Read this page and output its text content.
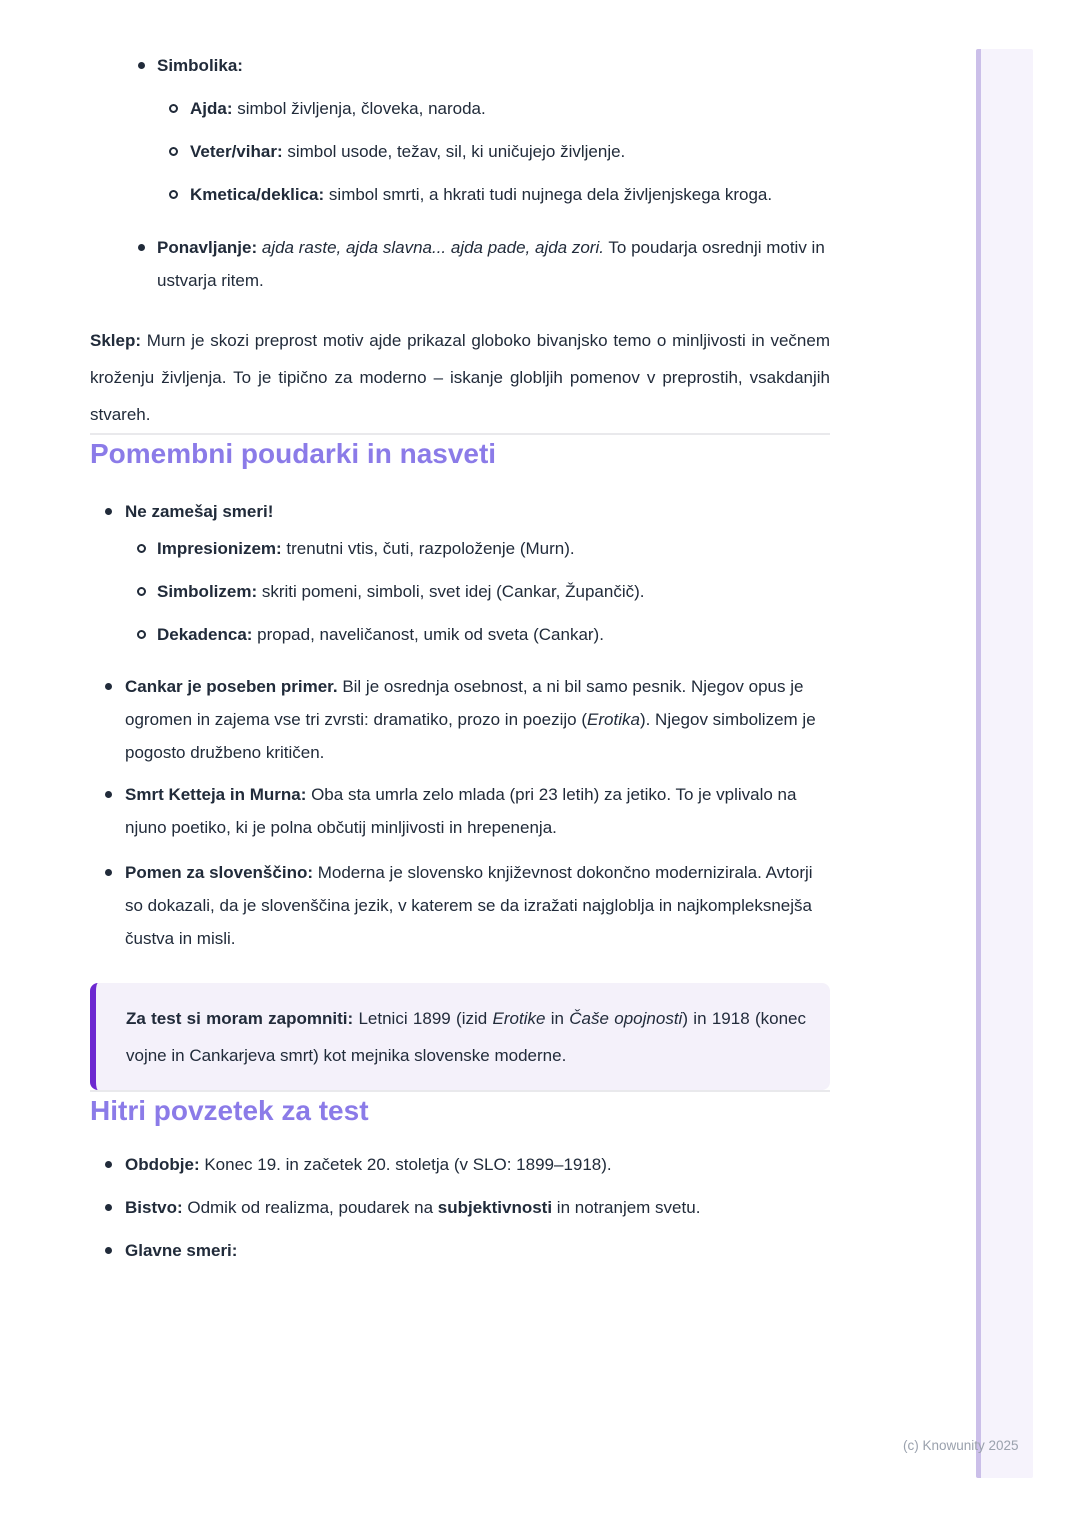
Simbolika:
Ajda: simbol življenja, človeka, naroda.
Veter/vihar: simbol usode, težav, sil, ki uničujejo življenje.
Kmetica/deklica: simbol smrti, a hkrati tudi nujnega dela življenjskega kroga.
Ponavljanje: ajda raste, ajda slavna... ajda pade, ajda zori. To poudarja osrednji motiv in ustvarja ritem.

Sklep: Murn je skozi preprost motiv ajde prikazal globoko bivanjsko temo o minljivosti in večnem kroženju življenja. To je tipično za moderno – iskanje globljih pomenov v preprostih, vsakdanjih stvareh.

Pomembni poudarki in nasveti
Ne zamešaj smeri!
Impresionizem: trenutni vtis, čuti, razpoloženje (Murn).
Simbolizem: skriti pomeni, simboli, svet idej (Cankar, Župančič).
Dekadenca: propad, naveličanost, umik od sveta (Cankar).
Cankar je poseben primer. Bil je osrednja osebnost, a ni bil samo pesnik. Njegov opus je ogromen in zajema vse tri zvrsti: dramatiko, prozo in poezijo (Erotika). Njegov simbolizem je pogosto družbeno kritičen.
Smrt Ketteja in Murna: Oba sta umrla zelo mlada (pri 23 letih) za jetiko. To je vplivalo na njuno poetiko, ki je polna občutij minljivosti in hrepenenja.
Pomen za slovenščino: Moderna je slovensko književnost dokončno modernizirala. Avtorji so dokazali, da je slovenščina jezik, v katerem se da izražati najgloblja in najkompleksnejša čustva in misli.
Za test si moram zapomniti: Letnici 1899 (izid Erotike in Čaše opojnosti) in 1918 (konec vojne in Cankarjeva smrt) kot mejnika slovenske moderne.
Hitri povzetek za test
Obdobje: Konec 19. in začetek 20. stoletja (v SLO: 1899–1918).
Bistvo: Odmik od realizma, poudarek na subjektivnosti in notranjem svetu.
Glavne smeri:
(c) Knowunity 2025
